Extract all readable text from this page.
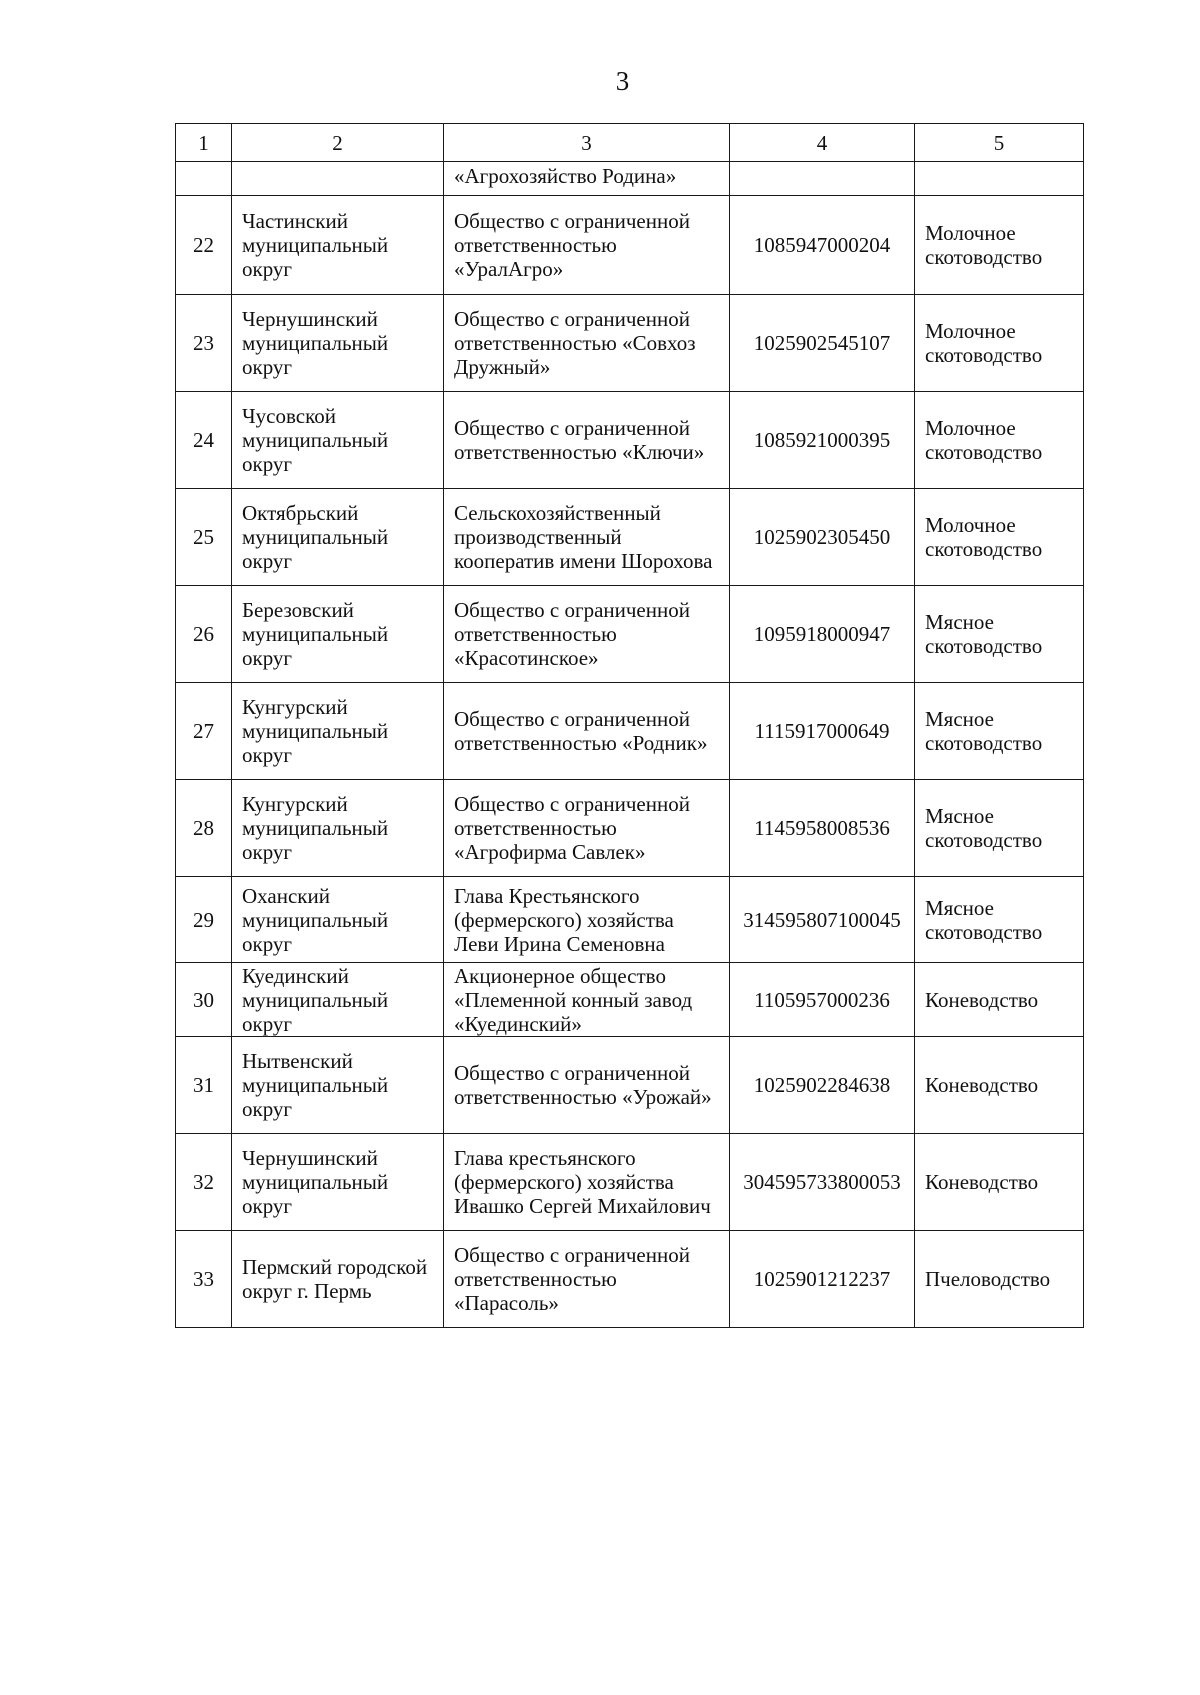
3
1	2	3	4	5
		«Агрохозяйство Родина»		
22	Частинский муниципальный округ	Общество с ограниченной ответственностью «УралАгро»	1085947000204	Молочное скотоводство
23	Чернушинский муниципальный округ	Общество с ограниченной ответственностью «Совхоз Дружный»	1025902545107	Молочное скотоводство
24	Чусовской муниципальный округ	Общество с ограниченной ответственностью «Ключи»	1085921000395	Молочное скотоводство
25	Октябрьский муниципальный округ	Сельскохозяйственный производственный кооператив имени Шорохова	1025902305450	Молочное скотоводство
26	Березовский муниципальный округ	Общество с ограниченной ответственностью «Красотинское»	1095918000947	Мясное скотоводство
27	Кунгурский муниципальный округ	Общество с ограниченной ответственностью «Родник»	1115917000649	Мясное скотоводство
28	Кунгурский муниципальный округ	Общество с ограниченной ответственностью «Агрофирма Савлек»	1145958008536	Мясное скотоводство
29	Оханский муниципальный округ	Глава Крестьянского (фермерского) хозяйства Леви Ирина Семеновна	314595807100045	Мясное скотоводство
30	Куединский муниципальный округ	Акционерное общество «Племенной конный завод «Куединский»	1105957000236	Коневодство
31	Нытвенский муниципальный округ	Общество с ограниченной ответственностью «Урожай»	1025902284638	Коневодство
32	Чернушинский муниципальный округ	Глава крестьянского (фермерского) хозяйства Ивашко Сергей Михайлович	304595733800053	Коневодство
33	Пермский городской округ г. Пермь	Общество с ограниченной ответственностью «Парасоль»	1025901212237	Пчеловодство
